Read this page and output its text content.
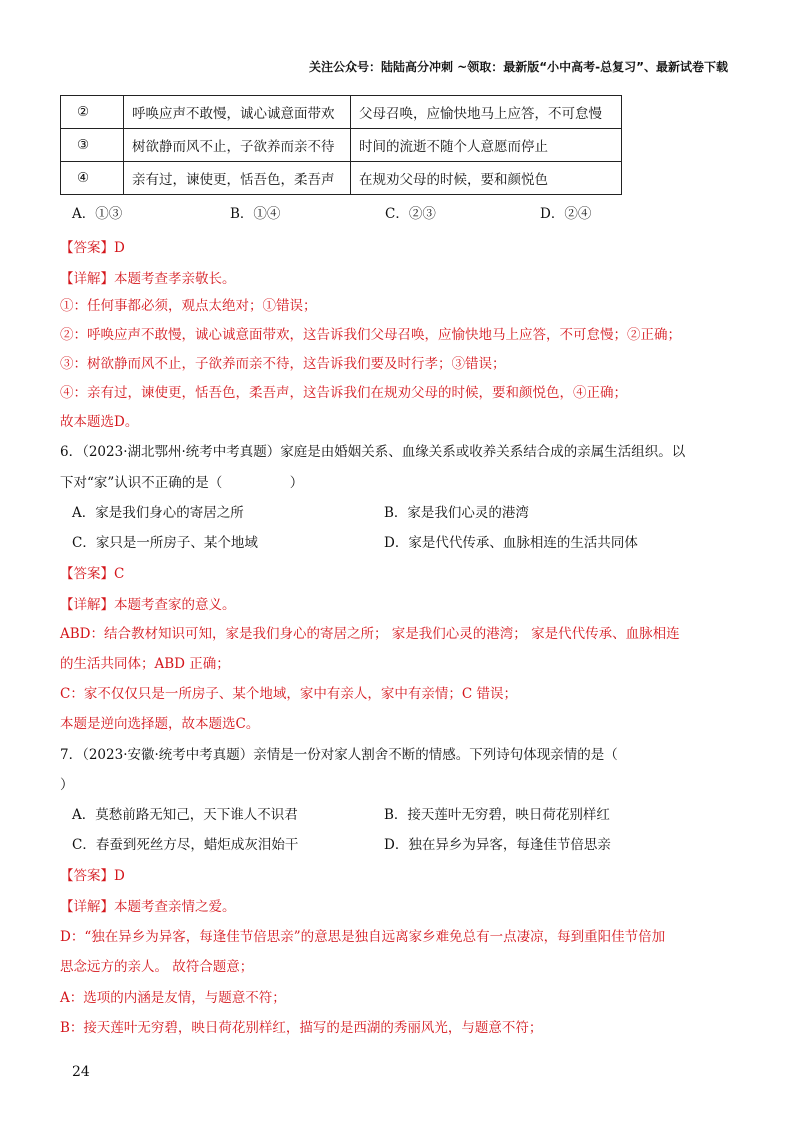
关注公众号：陆陆高分冲刺 ~领取：最新版“小中高考-总复习”、最新试卷下载
②	呼唤应声不敢慢，诚心诚意面带欢	父母召唤，应愉快地马上应答，不可怠慢
③	树欲静而风不止，子欲养而亲不待	时间的流逝不随个人意愿而停止
④	亲有过，谏使更，恬吾色，柔吾声	在规劝父母的时候，要和颜悦色
A．①③	B．①④	C．②③	D．②④
【答案】D
【详解】本题考查孝亲敬长。
①：任何事都必须，观点太绝对；①错误；
②：呼唤应声不敢慢，诚心诚意面带欢，这告诉我们父母召唤，应愉快地马上应答，不可怠慢；②正确；
③：树欲静而风不止，子欲养而亲不待，这告诉我们要及时行孝；③错误；
④：亲有过，谏使更，恬吾色，柔吾声，这告诉我们在规劝父母的时候，要和颜悦色，④正确；
故本题选D。
6．（2023·湖北鄂州·统考中考真题）家庭是由婚姻关系、血缘关系或收养关系结合成的亲属生活组织。以
下对“家”认识不正确的是（　　　　　）
A．家是我们身心的寄居之所	B．家是我们心灵的港湾
C．家只是一所房子、某个地域	D．家是代代传承、血脉相连的生活共同体
【答案】C
【详解】本题考查家的意义。
ABD：结合教材知识可知，家是我们身心的寄居之所； 家是我们心灵的港湾； 家是代代传承、血脉相连
的生活共同体；ABD 正确；
C：家不仅仅只是一所房子、某个地域，家中有亲人，家中有亲情；C 错误；
本题是逆向选择题，故本题选C。
7．（2023·安徽·统考中考真题）亲情是一份对家人割舍不断的情感。下列诗句体现亲情的是（
）
A．莫愁前路无知己，天下谁人不识君	B．接天莲叶无穷碧，映日荷花别样红
C．春蚕到死丝方尽，蜡炬成灰泪始干	D．独在异乡为异客，每逢佳节倍思亲
【答案】D
【详解】本题考查亲情之爱。
D：“独在异乡为异客，每逢佳节倍思亲”的意思是独自远离家乡难免总有一点凄凉，每到重阳佳节倍加
思念远方的亲人。 故符合题意；
A：选项的内涵是友情，与题意不符；
B：接天莲叶无穷碧，映日荷花别样红，描写的是西湖的秀丽风光，与题意不符；
24
